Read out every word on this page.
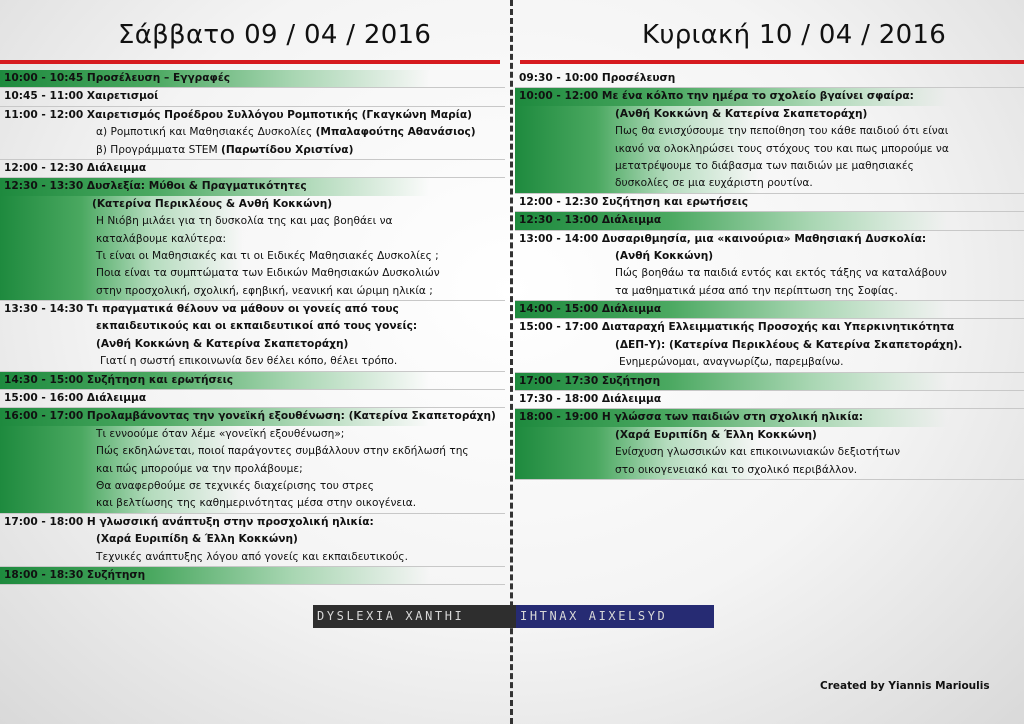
Σάββατο 09 / 04 / 2016	Κυριακή 10 / 04 / 2016
10:00 - 10:45 Προσέλευση – Εγγραφές
10:45 - 11:00 Χαιρετισμοί
11:00 - 12:00 Χαιρετισμός Προέδρου Συλλόγου Ρομποτικής (Γκαγκώνη Μαρία)
α) Ρομποτική και Μαθησιακές Δυσκολίες (Μπαλαφούτης Αθανάσιος)
β) Προγράμματα STEM (Παρωτίδου Χριστίνα)
12:00 - 12:30 Διάλειμμα
12:30 - 13:30 Δυσλεξία: Μύθοι & Πραγματικότητες
(Κατερίνα Περικλέους & Ανθή Κοκκώνη)
Η Νιόβη μιλάει για τη δυσκολία της και μας βοηθάει να
καταλάβουμε καλύτερα:
Τι είναι οι Μαθησιακές και τι οι Ειδικές Μαθησιακές Δυσκολίες ;
Ποια είναι τα συμπτώματα των Ειδικών Μαθησιακών Δυσκολιών
στην προσχολική, σχολική, εφηβική, νεανική και ώριμη ηλικία ;
13:30 - 14:30 Τι πραγματικά θέλουν να μάθουν οι γονείς από τους
εκπαιδευτικούς και οι εκπαιδευτικοί από τους γονείς:
(Ανθή Κοκκώνη & Κατερίνα Σκαπετοράχη)
Γιατί η σωστή επικοινωνία δεν θέλει κόπο, θέλει τρόπο.
14:30 - 15:00 Συζήτηση και ερωτήσεις
15:00 - 16:00 Διάλειμμα
16:00 - 17:00 Προλαμβάνοντας την γονεϊκή εξουθένωση: (Κατερίνα Σκαπετοράχη)
Τι εννοούμε όταν λέμε «γονεϊκή εξουθένωση»;
Πώς εκδηλώνεται, ποιοί παράγοντες συμβάλλουν στην εκδήλωσή της
και πώς μπορούμε να την προλάβουμε;
Θα αναφερθούμε σε τεχνικές διαχείρισης του στρες
και βελτίωσης της καθημερινότητας μέσα στην οικογένεια.
17:00 - 18:00 Η γλωσσική ανάπτυξη στην προσχολική ηλικία:
(Χαρά Ευριπίδη & Έλλη Κοκκώνη)
Τεχνικές ανάπτυξης λόγου από γονείς και εκπαιδευτικούς.
18:00 - 18:30 Συζήτηση
09:30 - 10:00 Προσέλευση
10:00 - 12:00 Με ένα κόλπο την ημέρα το σχολείο βγαίνει σφαίρα:
(Ανθή Κοκκώνη & Κατερίνα Σκαπετοράχη)
Πως θα ενισχύσουμε την πεποίθηση του κάθε παιδιού ότι είναι
ικανό να ολοκληρώσει τους στόχους του και πως μπορούμε να
μετατρέψουμε το διάβασμα των παιδιών με μαθησιακές
δυσκολίες σε μια ευχάριστη ρουτίνα.
12:00 - 12:30 Συζήτηση και ερωτήσεις
12:30 - 13:00 Διάλειμμα
13:00 - 14:00 Δυσαριθμησία, μια «καινούρια» Μαθησιακή Δυσκολία:
(Ανθή Κοκκώνη)
Πώς βοηθάω τα παιδιά εντός και εκτός τάξης να καταλάβουν
τα μαθηματικά μέσα από την περίπτωση της Σοφίας.
14:00 - 15:00 Διάλειμμα
15:00 - 17:00 Διαταραχή Ελλειμματικής Προσοχής και Υπερκινητικότητα
(ΔΕΠ-Υ): (Κατερίνα Περικλέους & Κατερίνα Σκαπετοράχη).
Ενημερώνομαι, αναγνωρίζω, παρεμβαίνω.
17:00 - 17:30 Συζήτηση
17:30 - 18:00 Διάλειμμα
18:00 - 19:00 Η γλώσσα των παιδιών στη σχολική ηλικία:
(Χαρά Ευριπίδη & Έλλη Κοκκώνη)
Ενίσχυση γλωσσικών και επικοινωνιακών δεξιοτήτων
στο οικογενειακό και το σχολικό περιβάλλον.
DYSLEXIA XANTHI	IHTNAX AIXELSYD
Created by Yiannis Marioulis
